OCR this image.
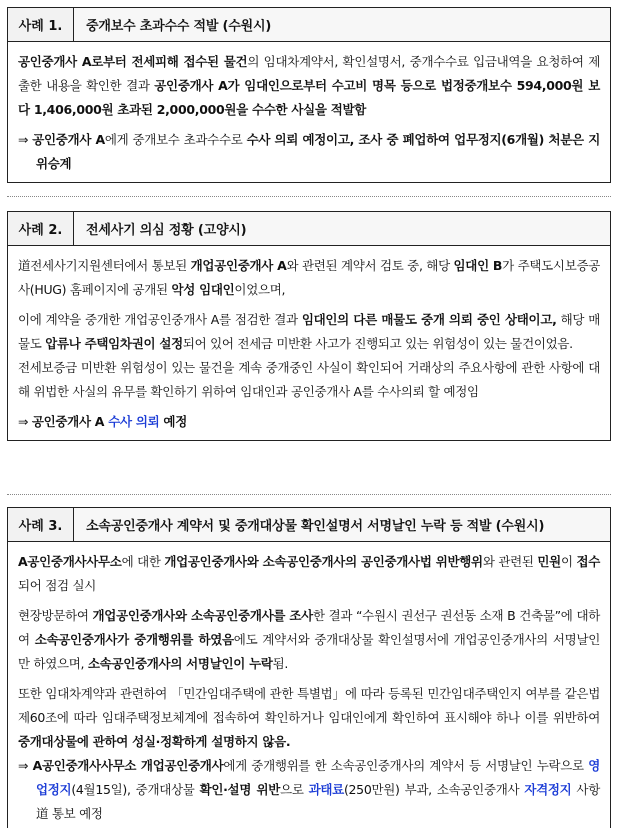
사례 1.	중개보수 초과수수 적발 (수원시)

공인중개사 A로부터 전세피해 접수된 물건의 임대차계약서, 확인설명서, 중개수수료 입금내역을 요청하여 제출한 내용을 확인한 결과 공인중개사 A가 임대인으로부터 수고비 명목 등으로 법정중개보수 594,000원 보다 1,406,000원 초과된 2,000,000원을 수수한 사실을 적발함

⇒ 공인중개사 A에게 중개보수 초과수수로 수사 의뢰 예정이고, 조사 중 폐업하여 업무정지(6개월) 처분은 지위승계

사례 2.	전세사기 의심 정황 (고양시)

道전세사기지원센터에서 통보된 개업공인중개사 A와 관련된 계약서 검토 중, 해당 임대인 B가 주택도시보증공사(HUG) 홈페이지에 공개된 악성 임대인이었으며,

이에 계약을 중개한 개업공인중개사 A를 점검한 결과 임대인의 다른 매물도 중개 의뢰 중인 상태이고, 해당 매물도 압류나 주택임차권이 설정되어 있어 전세금 미반환 사고가 진행되고 있는 위험성이 있는 물건이었음.

전세보증금 미반환 위험성이 있는 물건을 계속 중개중인 사실이 확인되어 거래상의 주요사항에 관한 사항에 대해 위법한 사실의 유무를 확인하기 위하여 임대인과 공인중개사 A를 수사의뢰 할 예정임

⇒ 공인중개사 A 수사 의뢰 예정

사례 3.	소속공인중개사 계약서 및 중개대상물 확인설명서 서명날인 누락 등 적발 (수원시)

A공인중개사사무소에 대한 개업공인중개사와 소속공인중개사의 공인중개사법 위반행위와 관련된 민원이 접수되어 점검 실시

현장방문하여 개업공인중개사와 소속공인중개사를 조사한 결과 “수원시 권선구 권선동 소재 B 건축물”에 대하여 소속공인중개사가 중개행위를 하였음에도 계약서와 중개대상물 확인설명서에 개업공인중개사의 서명날인만 하였으며, 소속공인중개사의 서명날인이 누락됨.

또한 임대차계약과 관련하여 「민간임대주택에 관한 특별법」에 따라 등록된 민간임대주택인지 여부를 같은법 제60조에 따라 임대주택정보체계에 접속하여 확인하거나 임대인에게 확인하여 표시해야 하나 이를 위반하여 중개대상물에 관하여 성실·정확하게 설명하지 않음.

⇒ A공인중개사사무소 개업공인중개사에게 중개행위를 한 소속공인중개사의 계약서 등 서명날인 누락으로 영업정지(4월15일), 중개대상물 확인·설명 위반으로 과태료(250만원) 부과, 소속공인중개사 자격정지 사항 道 통보 예정
